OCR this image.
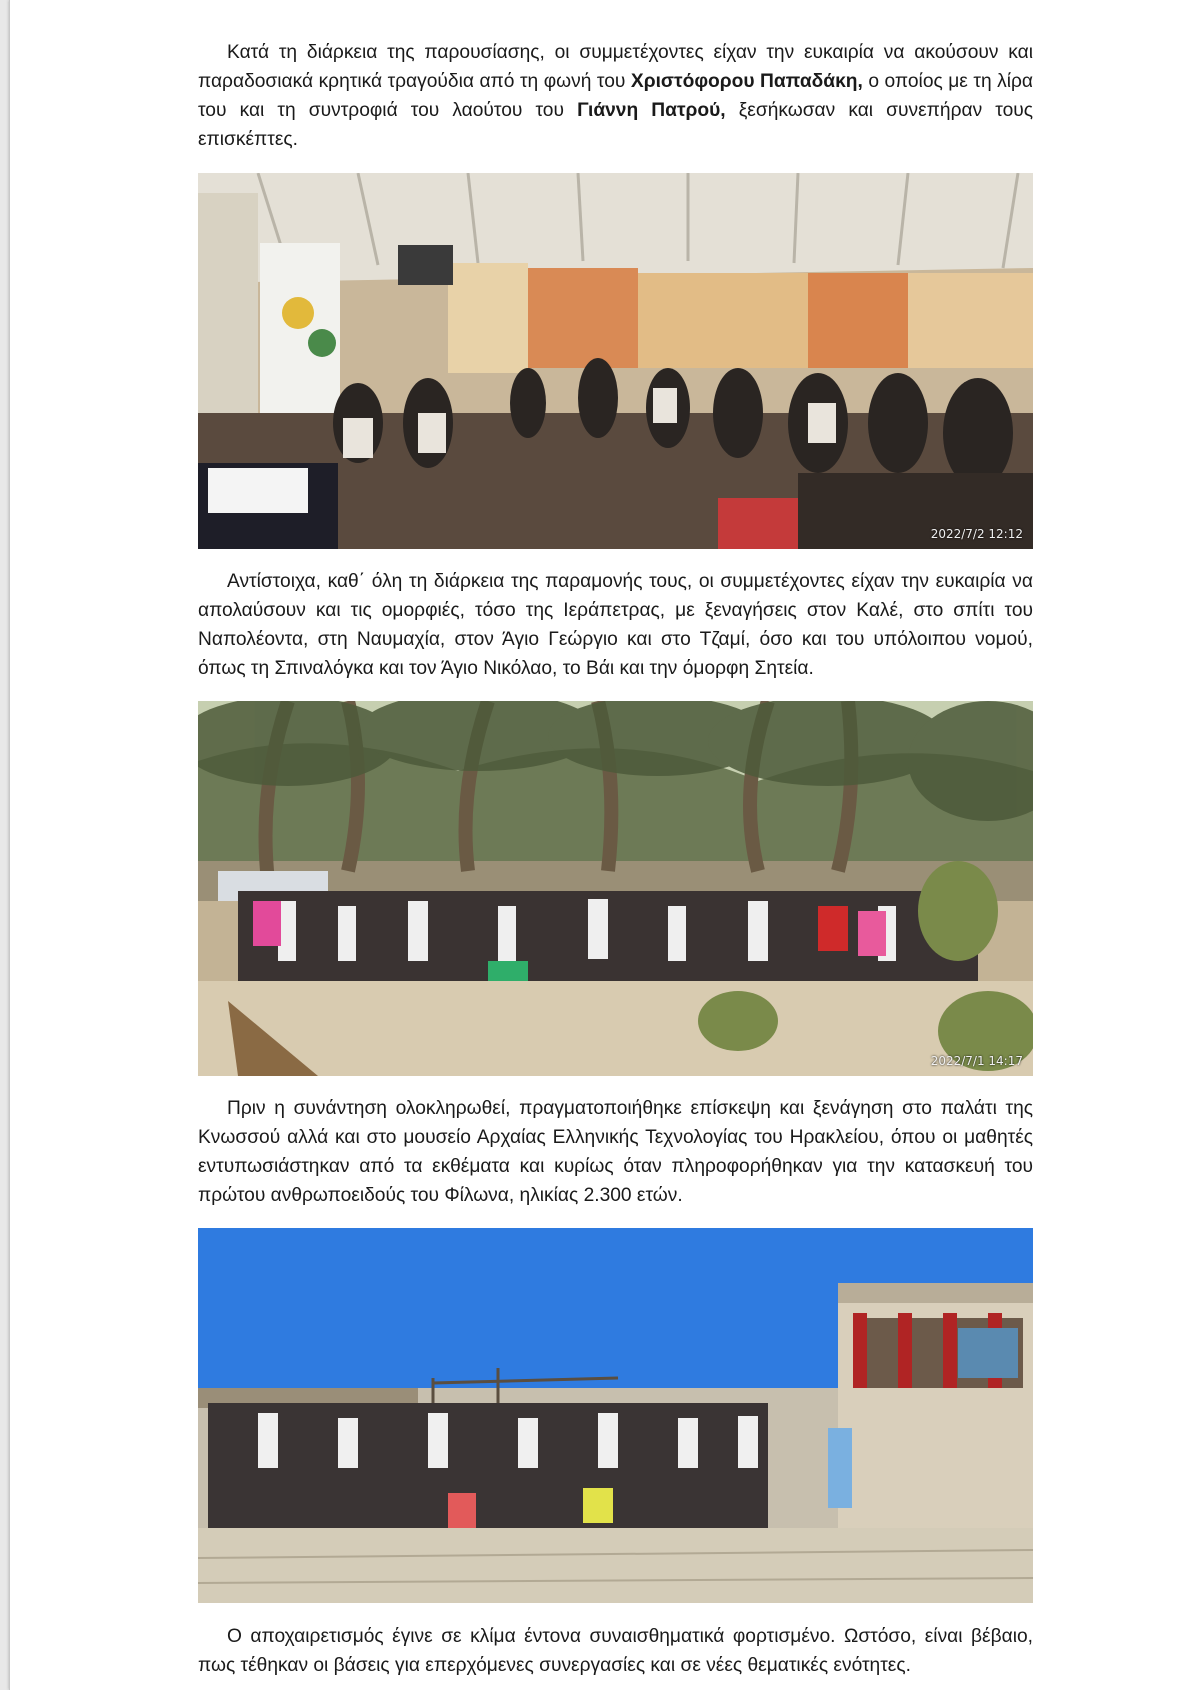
Κατά τη διάρκεια της παρουσίασης, οι συμμετέχοντες είχαν την ευκαιρία να ακούσουν και παραδοσιακά κρητικά τραγούδια από τη φωνή του Χριστόφορου Παπαδάκη, ο οποίος με τη λίρα του και τη συντροφιά του λαούτου του Γιάννη Πατρού, ξεσήκωσαν και συνεπήραν τους επισκέπτες.

2022/7/2 12:12

Αντίστοιχα, καθ΄ όλη τη διάρκεια της παραμονής τους, οι συμμετέχοντες είχαν την ευκαιρία να απολαύσουν και τις ομορφιές, τόσο της Ιεράπετρας, με ξεναγήσεις στον Καλέ, στο σπίτι του Ναπολέοντα, στη Ναυμαχία, στον Άγιο Γεώργιο και στο Τζαμί, όσο και του υπόλοιπου νομού, όπως τη Σπιναλόγκα και τον Άγιο Νικόλαο, το Βάι και την όμορφη Σητεία.

2022/7/1 14:17

Πριν η συνάντηση ολοκληρωθεί, πραγματοποιήθηκε επίσκεψη και ξενάγηση στο παλάτι της Κνωσσού αλλά και στο μουσείο Αρχαίας Ελληνικής Τεχνολογίας του Ηρακλείου, όπου οι μαθητές εντυπωσιάστηκαν από τα εκθέματα και κυρίως όταν πληροφορήθηκαν για την κατασκευή του πρώτου ανθρωποειδούς του Φίλωνα, ηλικίας 2.300 ετών.

Ο αποχαιρετισμός έγινε σε κλίμα έντονα συναισθηματικά φορτισμένο. Ωστόσο, είναι βέβαιο, πως τέθηκαν οι βάσεις για επερχόμενες συνεργασίες και σε νέες θεματικές ενότητες.
